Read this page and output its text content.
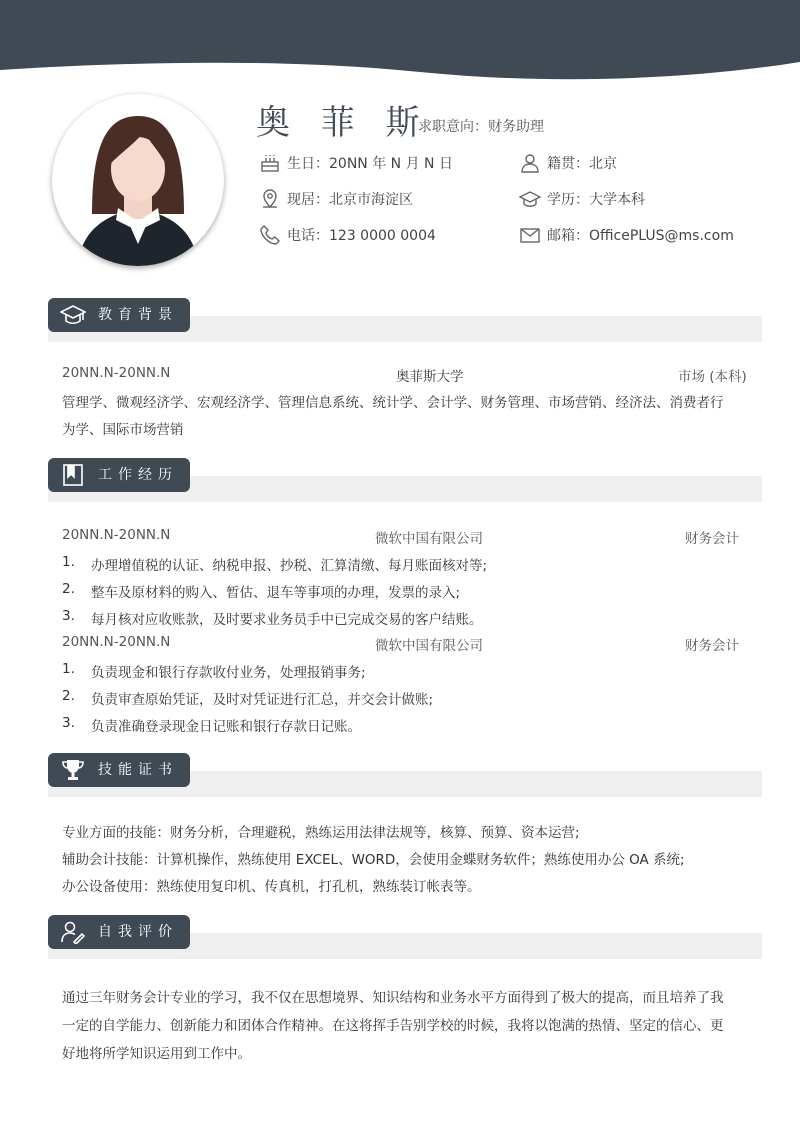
奥 菲 斯
求职意向：财务助理
生日：20NN 年 N 月 N 日	籍贯：北京
现居：北京市海淀区	学历：大学本科
电话：123 0000 0004	邮箱：OfficePLUS@ms.com
教育背景
20NN.N-20NN.N	奥菲斯大学	市场 (本科)
管理学、微观经济学、宏观经济学、管理信息系统、统计学、会计学、财务管理、市场营销、经济法、消费者行
为学、国际市场营销
工作经历
20NN.N-20NN.N	微软中国有限公司	财务会计
1. 办理增值税的认证、纳税申报、抄税、汇算清缴、每月账面核对等;
2. 整车及原材料的购入、暂估、退车等事项的办理，发票的录入;
3. 每月核对应收账款，及时要求业务员手中已完成交易的客户结账。
20NN.N-20NN.N	微软中国有限公司	财务会计
1. 负责现金和银行存款收付业务，处理报销事务;
2. 负责审查原始凭证，及时对凭证进行汇总，并交会计做账;
3. 负责准确登录现金日记账和银行存款日记账。
技能证书
专业方面的技能：财务分析，合理避税，熟练运用法律法规等，核算、预算、资本运营;
辅助会计技能：计算机操作，熟练使用 EXCEL、WORD，会使用金蝶财务软件；熟练使用办公 OA 系统;
办公设备使用：熟练使用复印机、传真机，打孔机，熟练装订帐表等。
自我评价
通过三年财务会计专业的学习，我不仅在思想境界、知识结构和业务水平方面得到了极大的提高，而且培养了我
一定的自学能力、创新能力和团体合作精神。在这将挥手告别学校的时候，我将以饱满的热情、坚定的信心、更
好地将所学知识运用到工作中。
